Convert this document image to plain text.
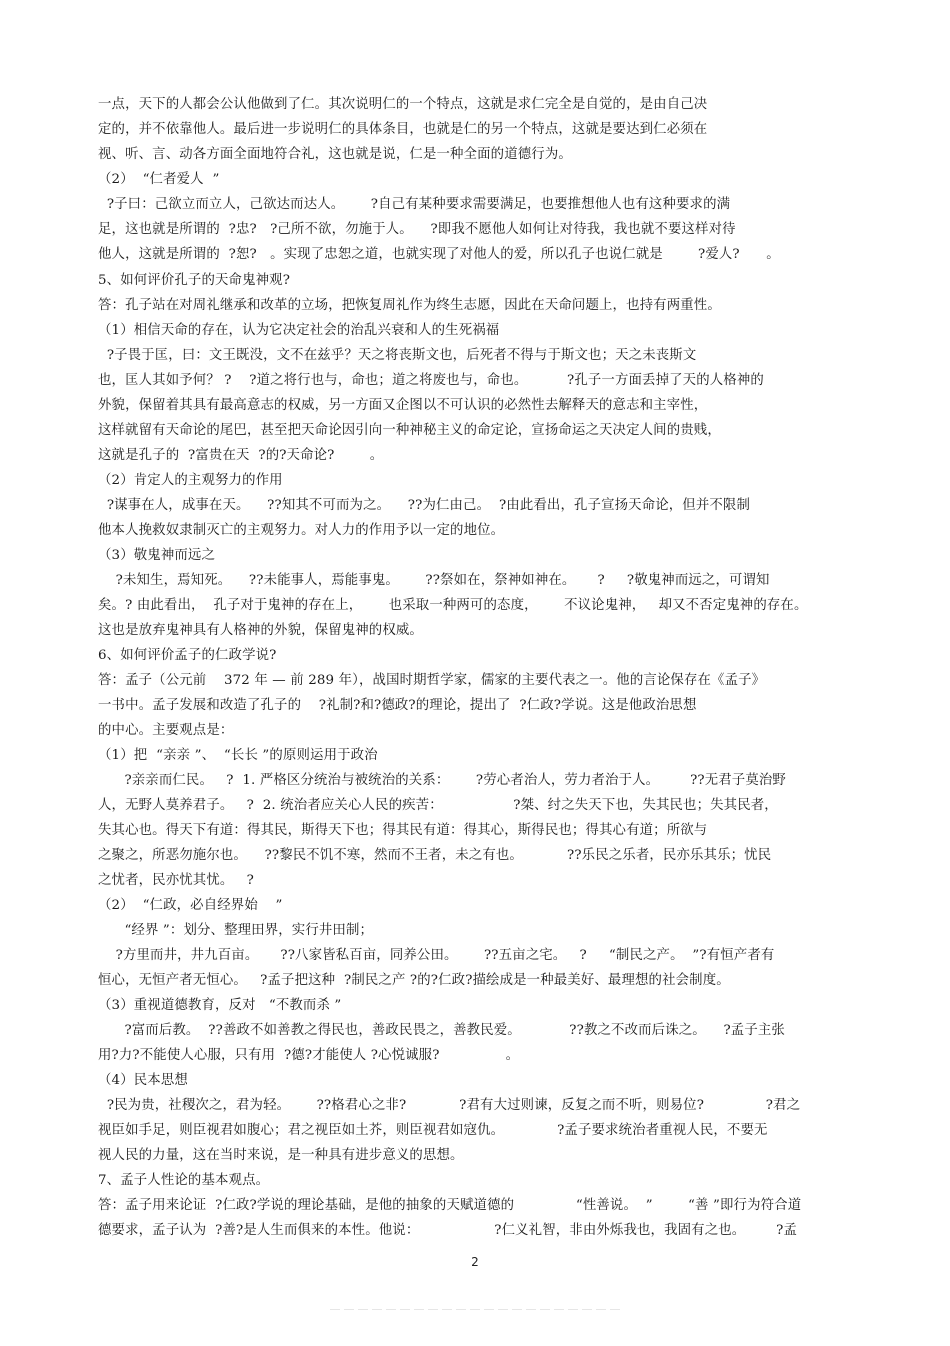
一点，天下的人都会公认他做到了仁。其次说明仁的一个特点，这就是求仁完全是自觉的，是由自己决
定的，并不依靠他人。最后进一步说明仁的具体条目，也就是仁的另一个特点，这就是要达到仁必须在
视、听、言、动各方面全面地符合礼，这也就是说，仁是一种全面的道德行为。
（2）  “仁者爱人  ”
?子曰：己欲立而立人，己欲达而达人。      ?自己有某种要求需要满足，也要推想他人也有这种要求的满
足，这也就是所谓的  ?忠?   ?己所不欲，勿施于人。    ?即我不愿他人如何让对待我，我也就不要这样对待
他人，这就是所谓的  ?恕?   。实现了忠恕之道，也就实现了对他人的爱，所以孔子也说仁就是        ?爱人?      。
5、如何评价孔子的天命鬼神观?
答：孔子站在对周礼继承和改革的立场，把恢复周礼作为终生志愿，因此在天命问题上，也持有两重性。
（1）相信天命的存在，认为它决定社会的治乱兴衰和人的生死祸福
?子畏于匡，曰：文王既没，文不在兹乎？天之将丧斯文也，后死者不得与于斯文也；天之未丧斯文
也，匡人其如予何？ ?    ?道之将行也与，命也；道之将废也与，命也。         ?孔子一方面丢掉了天的人格神的
外貌，保留着其具有最高意志的权威，另一方面又企图以不可认识的必然性去解释天的意志和主宰性，
这样就留有天命论的尾巴，甚至把天命论因引向一种神秘主义的命定论，宣扬命运之天决定人间的贵贱，
这就是孔子的  ?富贵在天  ?的?天命论?        。
（2）肯定人的主观努力的作用
?谋事在人，成事在天。    ??知其不可而为之。    ??为仁由己。  ?由此看出，孔子宣扬天命论，但并不限制
他本人挽救奴隶制灭亡的主观努力。对人力的作用予以一定的地位。
（3）敬鬼神而远之
?未知生，焉知死。    ??未能事人，焉能事鬼。      ??祭如在，祭神如神在。     ?     ?敬鬼神而远之，可谓知
矣。? 由此看出，  孔子对于鬼神的存在上，      也采取一种两可的态度，      不议论鬼神，   却又不否定鬼神的存在。
这也是放弃鬼神具有人格神的外貌，保留鬼神的权威。
6、如何评价孟子的仁政学说?
答：孟子（公元前    372 年 — 前 289 年），战国时期哲学家，儒家的主要代表之一。他的言论保存在《孟子》
一书中。孟子发展和改造了孔子的    ?礼制?和?德政?的理论，提出了  ?仁政?学说。这是他政治思想
的中心。主要观点是：
（1）把  “亲亲 ”、  “长长 ”的原则运用于政治
?亲亲而仁民。   ?  1. 严格区分统治与被统治的关系：      ?劳心者治人，劳力者治于人。       ??无君子莫治野
人，无野人莫养君子。   ?  2. 统治者应关心人民的疾苦：                ?桀、纣之失天下也，失其民也；失其民者，
失其心也。得天下有道：得其民，斯得天下也；得其民有道：得其心，斯得民也；得其心有道；所欲与
之聚之，所恶勿施尔也。    ??黎民不饥不寒，然而不王者，未之有也。          ??乐民之乐者，民亦乐其乐；忧民
之忧者，民亦忧其忧。   ?
（2）  “仁政，必自经界始    ”
“经界 ”：划分、整理田界，实行井田制；
?方里而井，井九百亩。     ??八家皆私百亩，同养公田。      ??五亩之宅。   ?     “制民之产。  ”?有恒产者有
恒心，无恒产者无恒心。   ?孟子把这种  ?制民之产 ?的?仁政?描绘成是一种最美好、最理想的社会制度。
（3）重视道德教育，反对   “不教而杀 ”
?富而后教。  ??善政不如善教之得民也，善政民畏之，善教民爱。           ??教之不改而后诛之。    ?孟子主张
用?力?不能使人心服，只有用  ?德?才能使人 ?心悦诚服?               。
（4）民本思想
?民为贵，社稷次之，君为轻。      ??格君心之非?            ?君有大过则谏，反复之而不听，则易位?              ?君之
视臣如手足，则臣视君如腹心；君之视臣如土芥，则臣视君如寇仇。            ?孟子要求统治者重视人民，不要无
视人民的力量，这在当时来说，是一种具有进步意义的思想。
7、孟子人性论的基本观点。
答：孟子用来论证  ?仁政?学说的理论基础，是他的抽象的天赋道德的              “性善说。  ”        “善 ”即行为符合道
德要求，孟子认为  ?善?是人生而俱来的本性。他说：                 ?仁义礼智，非由外烁我也，我固有之也。       ?孟
2
